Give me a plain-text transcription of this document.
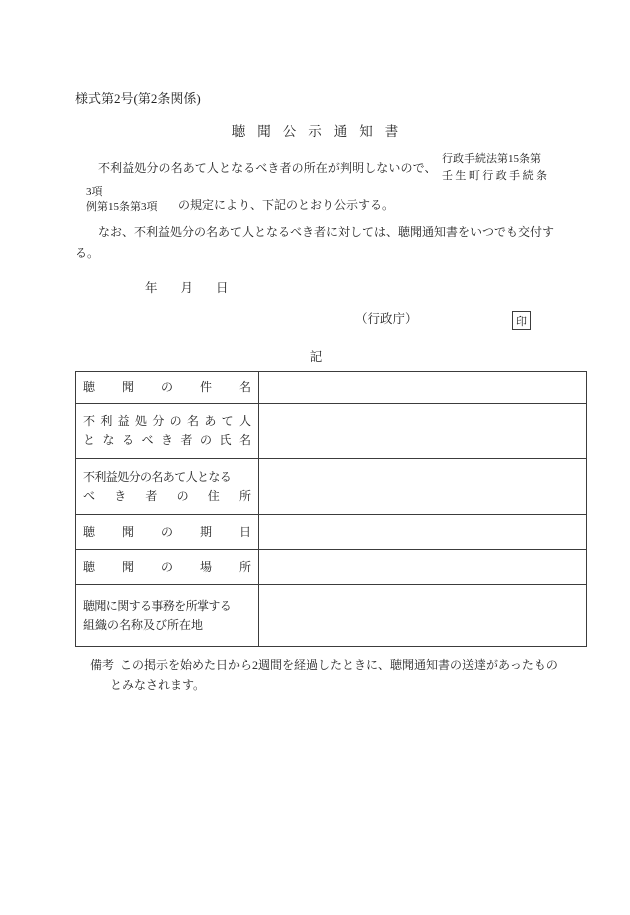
様式第2号(第2条関係)
聴聞公示通知書
不利益処分の名あて人となるべき者の所在が判明しないので、
行政手続法第15条第
壬生町行政手続条
3項
例第15条第3項 の規定により、下記のとおり公示する。
なお、不利益処分の名あて人となるべき者に対しては、聴聞通知書をいつでも交付す
る。
年 月 日
（行政庁）	印
記
聴聞の件名	

不利益処分の名あて人
となるべき者の氏名	

不利益処分の名あて人となる
べき者の住所	

聴聞の期日	

聴聞の場所	

聴聞に関する事務を所掌する
組織の名称及び所在地	

備考 この掲示を始めた日から2週間を経過したときに、聴聞通知書の送達があったもの
とみなされます。
